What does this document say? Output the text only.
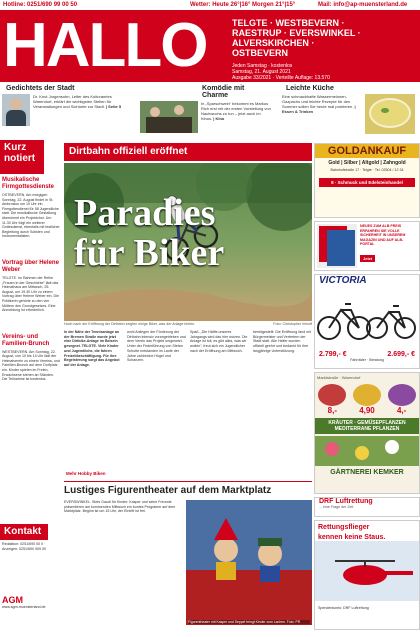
Hotline: 0251/690 99 00 50	Wetter: Heute 26°|16° Morgen 21°|15°	Mail: info@ap-muensterland.de
HALLO	TELGTE · WESTBEVERN ·
RAESTRUP · EVERSWINKEL ·
ALVERSKIRCHEN ·
OSTBEVERN
Jeden Samstag · kostenlos
Samstag, 21. August 2021
Ausgabe 33/2021 · Verteilte Auflage: 13.570
Gedichtets der Stadt
Dr. Knut Jorgensohn, Leiter des Kulturamtes Warendorf, erklärt die wichtigsten Stellen für Veranstaltungen und Sichtorte zur Stadt. | Seite 5
Komödie mit Charme
In „Sparschwein“ bekommt es Markus Rich erst mit der ersten Vorstellung von Nachwuchs zu tun – jetzt auch im Kinos. | Kino
Leichte Küche
Eine schmackhafte Wassermelonen-Gazpacho und leichte Rezepte für den Sommer sollen Sie heute mal probieren. | Essen & Trinken
Kurz notiert
Musikalische Firmgottesdienste
OSTBEVERN. Am morgigen Sonntag, 22. August findet in St. Ambrosius um 10 Uhr ein Firmgottesdienst für 58 Jugendliche statt. Die musikalische Gestaltung übernimmt ein Projektchor. Um 11.30 Uhr folgt ein weiterer Gottesdienst, ebenfalls mit festlicher Begleitung durch Solisten und Instrumentalisten.
Vortrag über Helene Weber
TELGTE. Im Rahmen der Reihe „Frauen in der Geschichte“ lädt das Heimathaus am Mittwoch, 25. August, um 19.30 Uhr zu einem Vortrag über Helene Weber ein. Die Politikerin gehörte zu den vier Müttern des Grundgesetzes. Eine Anmeldung ist erforderlich.
Vereins- und Familien-Brunch
WESTBEVERN. Am Sonntag, 22. August, von 10 bis 14 Uhr lädt der Heimatverein zu einem Vereins- und Familien-Brunch auf dem Dorfplatz ein. Kinder spielen im Freien, Erwachsene stehen an Ständen. Die Teilnahme ist kostenlos.
Kontakt
Redaktion: 0251/690 00 0 · Anzeigen: 0251/690 909 00
AGM
www.agm-muensterland.de
Dirtbahn offiziell eröffnet
Paradies
für Biker
Hoch nach der Eröffnung der Dirtbahn zeigten einige Biker, was der Anlage bieten.	Foto: Christopher Imhoff
In der Nähe der Tennisanlage an der Bremen Straße wurde jetzt eine Dirtbike-Anlage im Beisein gesegnet. TELGTE. Viele Kinder und Jugendliche, die fahren Freizeitbeschäftigung. Für ihre Begeisterung sorgt das Angebot auf der Anlage.
wohl Anliegen der Förderung der Dirtbahn intensiv vorangetrieben und dem Verein das Projekt umgesetzt. Unter der Federführung von Stefan Schutte entstanden im Laufe der Jahre zahlreiche Hügel und Schanzen.
Spaß. „Die Hälfte unseres Jahrgangs wird das hier nutzen. Die Anlage ist toll, es gibt alles, was wir wollen“, freut sich ein Jugendlicher nach der Eröffnung am Mittwoch.
bereitgestellt. Die Eröffnung fand mit Bürgermeister und Vertretern der Stadt statt. Alle Helfer wurden offiziell geehrt und bedankt für ihre langjährige Unterstützung.
Mehr Hobby Biken
Lustiges Figurentheater auf dem Marktplatz
EVERSWINKEL. Stets Gaudi für Kinder: Kasper und seine Freunde präsentieren am kommenden Mittwoch ein buntes Programm auf dem Marktplatz. Beginn ist um 15 Uhr, der Eintritt ist frei.
Figurentheater mit Kasper und Seppel bringt Kinder zum Lachen. Foto: PR
GOLDANKAUF
Gold | Silber | Altgold | Zahngold
Bahnhofstraße 17 · Telgte · Tel. 02504 / 12 34
8 · Schmuck und Edelsteinhandel
NEUES ZUM ALB PREIS ERFAHREN SIE VOLLE SICHERHEIT IN UNSEREM MAGAZIN UND AUF ALB-PORTAL
Jetzt
VICTORIA
2.799,- €	2.699,- €
Fahrräder · Beratung
Marktstraße · Warendorf
8,-	4,90	4,-
KRÄUTER · GEMÜSEPFLANZEN MEDITERRANE PFLANZEN
GÄRTNEREI KEMKER
DRF Luftrettung
... eine Frage der Zeit
Rettungsflieger
kennen keine Staus.
Spendenkonto: DRF Luftrettung
